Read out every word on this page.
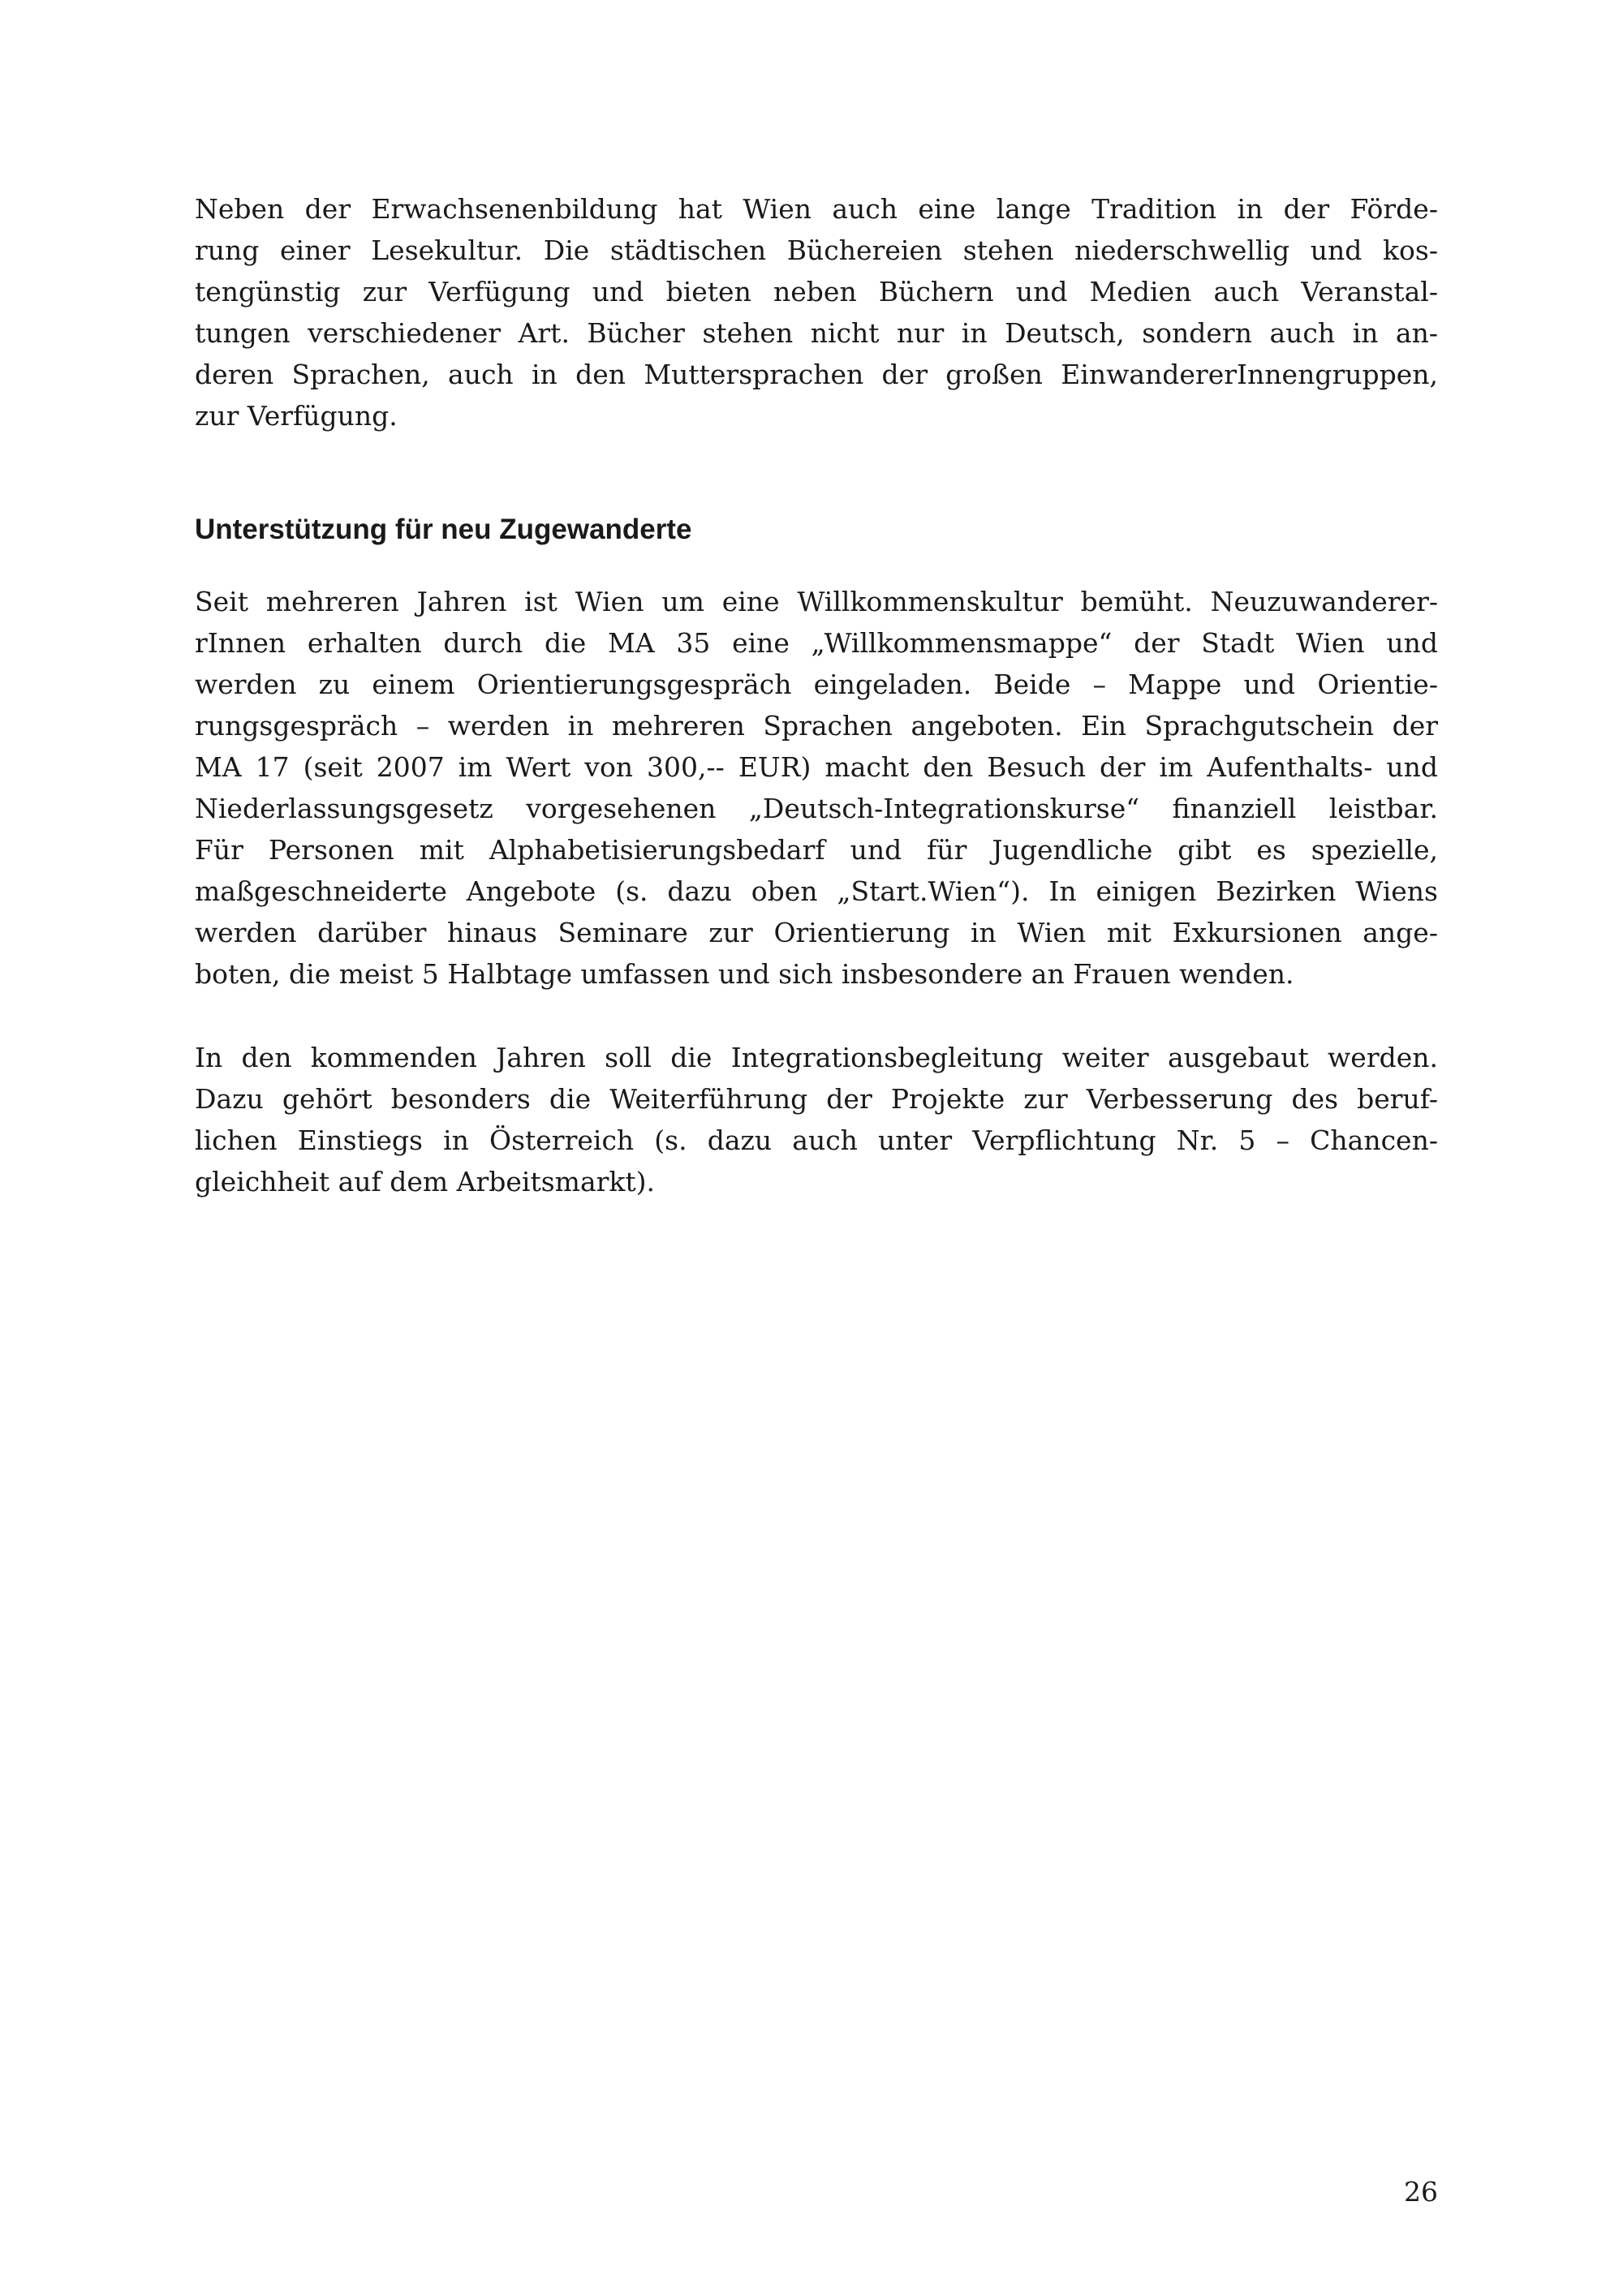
Neben der Erwachsenenbildung hat Wien auch eine lange Tradition in der Förde-
rung einer Lesekultur. Die städtischen Büchereien stehen niederschwellig und kos-
tengünstig zur Verfügung und bieten neben Büchern und Medien auch Veranstal-
tungen verschiedener Art. Bücher stehen nicht nur in Deutsch, sondern auch in an-
deren Sprachen, auch in den Muttersprachen der großen EinwandererInnengruppen,
zur Verfügung.
Unterstützung für neu Zugewanderte
Seit mehreren Jahren ist Wien um eine Willkommenskultur bemüht. Neuzuwanderer-
rInnen erhalten durch die MA 35 eine „Willkommensmappe“ der Stadt Wien und
werden zu einem Orientierungsgespräch eingeladen. Beide – Mappe und Orientie-
rungsgespräch – werden in mehreren Sprachen angeboten. Ein Sprachgutschein der
MA 17 (seit 2007 im Wert von 300,-- EUR) macht den Besuch der im Aufenthalts- und
Niederlassungsgesetz vorgesehenen „Deutsch-Integrationskurse“ finanziell leistbar.
Für Personen mit Alphabetisierungsbedarf und für Jugendliche gibt es spezielle,
maßgeschneiderte Angebote (s. dazu oben „Start.Wien“). In einigen Bezirken Wiens
werden darüber hinaus Seminare zur Orientierung in Wien mit Exkursionen ange-
boten, die meist 5 Halbtage umfassen und sich insbesondere an Frauen wenden.
In den kommenden Jahren soll die Integrationsbegleitung weiter ausgebaut werden.
Dazu gehört besonders die Weiterführung der Projekte zur Verbesserung des beruf-
lichen Einstiegs in Österreich (s. dazu auch unter Verpflichtung Nr. 5 – Chancen-
gleichheit auf dem Arbeitsmarkt).
26
